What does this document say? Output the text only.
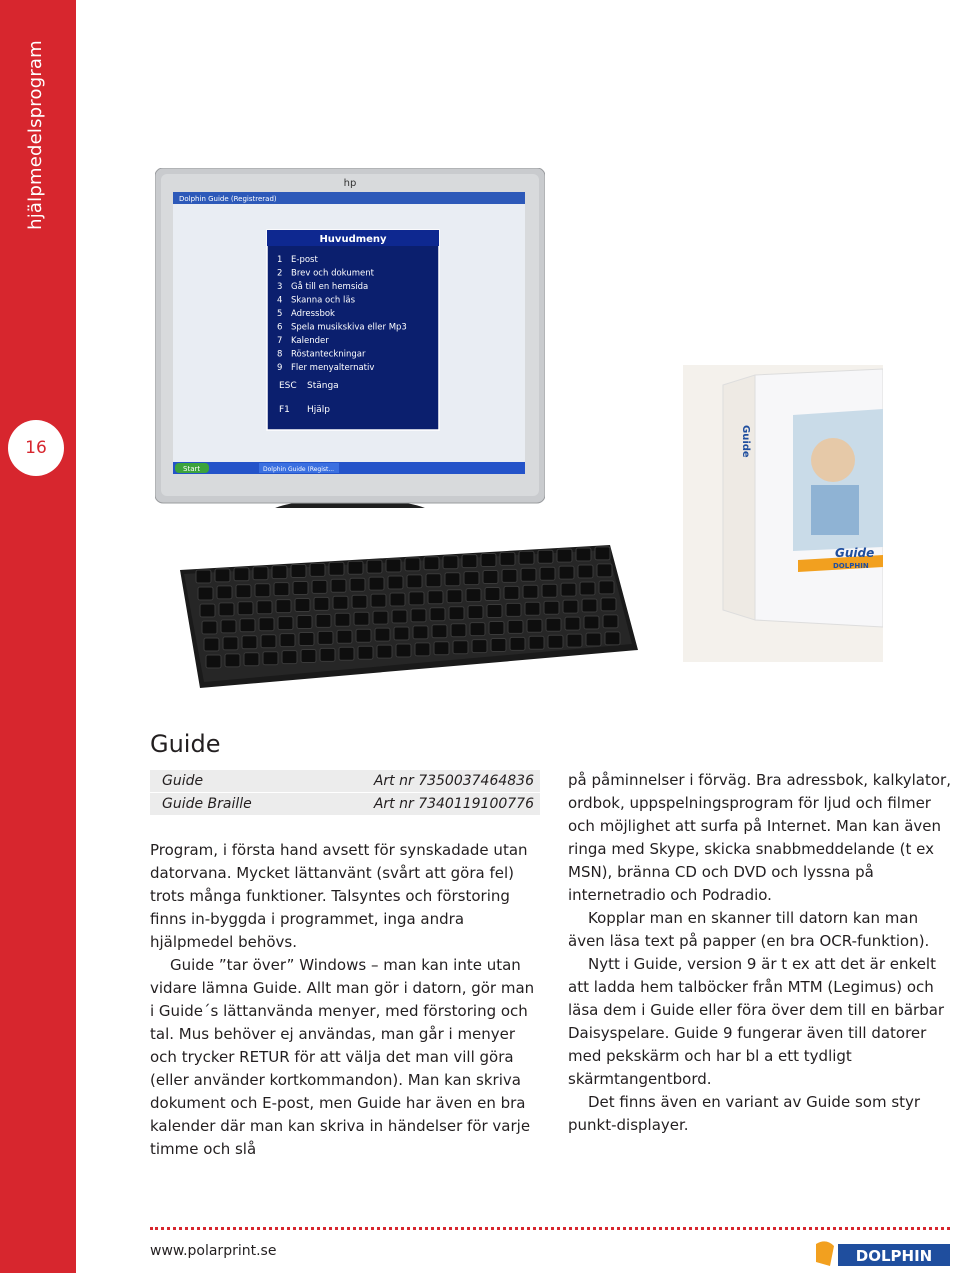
hjälpmedelsprogram
16
hp
Dolphin Guide (Registrerad)
Huvudmeny
1 E-post
2 Brev och dokument
3 Gå till en hemsida
4 Skanna och läs
5 Adressbok
6 Spela musikskiva eller Mp3
7 Kalender
8 Röstanteckningar
9 Fler menyalternativ
ESC Stänga
F1 Hjälp
Start	Dolphin Guide (Regist...
Guide
Guide
DOLPHIN
Guide
Guide	Art nr 7350037464836
Guide Braille	Art nr 7340119100776

Program, i första hand avsett för synskadade utan datorvana. Mycket lättanvänt (svårt att göra fel) trots många funktioner. Talsyntes och förstoring finns in-byggda i programmet, inga andra hjälpmedel behövs.

Guide ”tar över” Windows – man kan inte utan vidare lämna Guide. Allt man gör i datorn, gör man i Guide´s lättanvända menyer, med förstoring och tal. Mus behöver ej användas, man går i menyer och trycker RETUR för att välja det man vill göra (eller använder kortkommandon). Man kan skriva dokument och E-post, men Guide har även en bra kalender där man kan skriva in händelser för varje timme och slå

på påminnelser i förväg. Bra adressbok, kalkylator, ordbok, uppspelningsprogram för ljud och filmer och möjlighet att surfa på Internet. Man kan även ringa med Skype, skicka snabbmeddelande (t ex MSN), bränna CD och DVD och lyssna på internetradio och Podradio.

Kopplar man en skanner till datorn kan man även läsa text på papper (en bra OCR-funktion).

Nytt i Guide, version 9 är t ex att det är enkelt att ladda hem talböcker från MTM (Legimus) och läsa dem i Guide eller föra över dem till en bärbar Daisyspelare. Guide 9 fungerar även till datorer med pekskärm och har bl a ett tydligt skärmtangentbord.

Det finns även en variant av Guide som styr punkt-displayer.

www.polarprint.se	DOLPHIN
